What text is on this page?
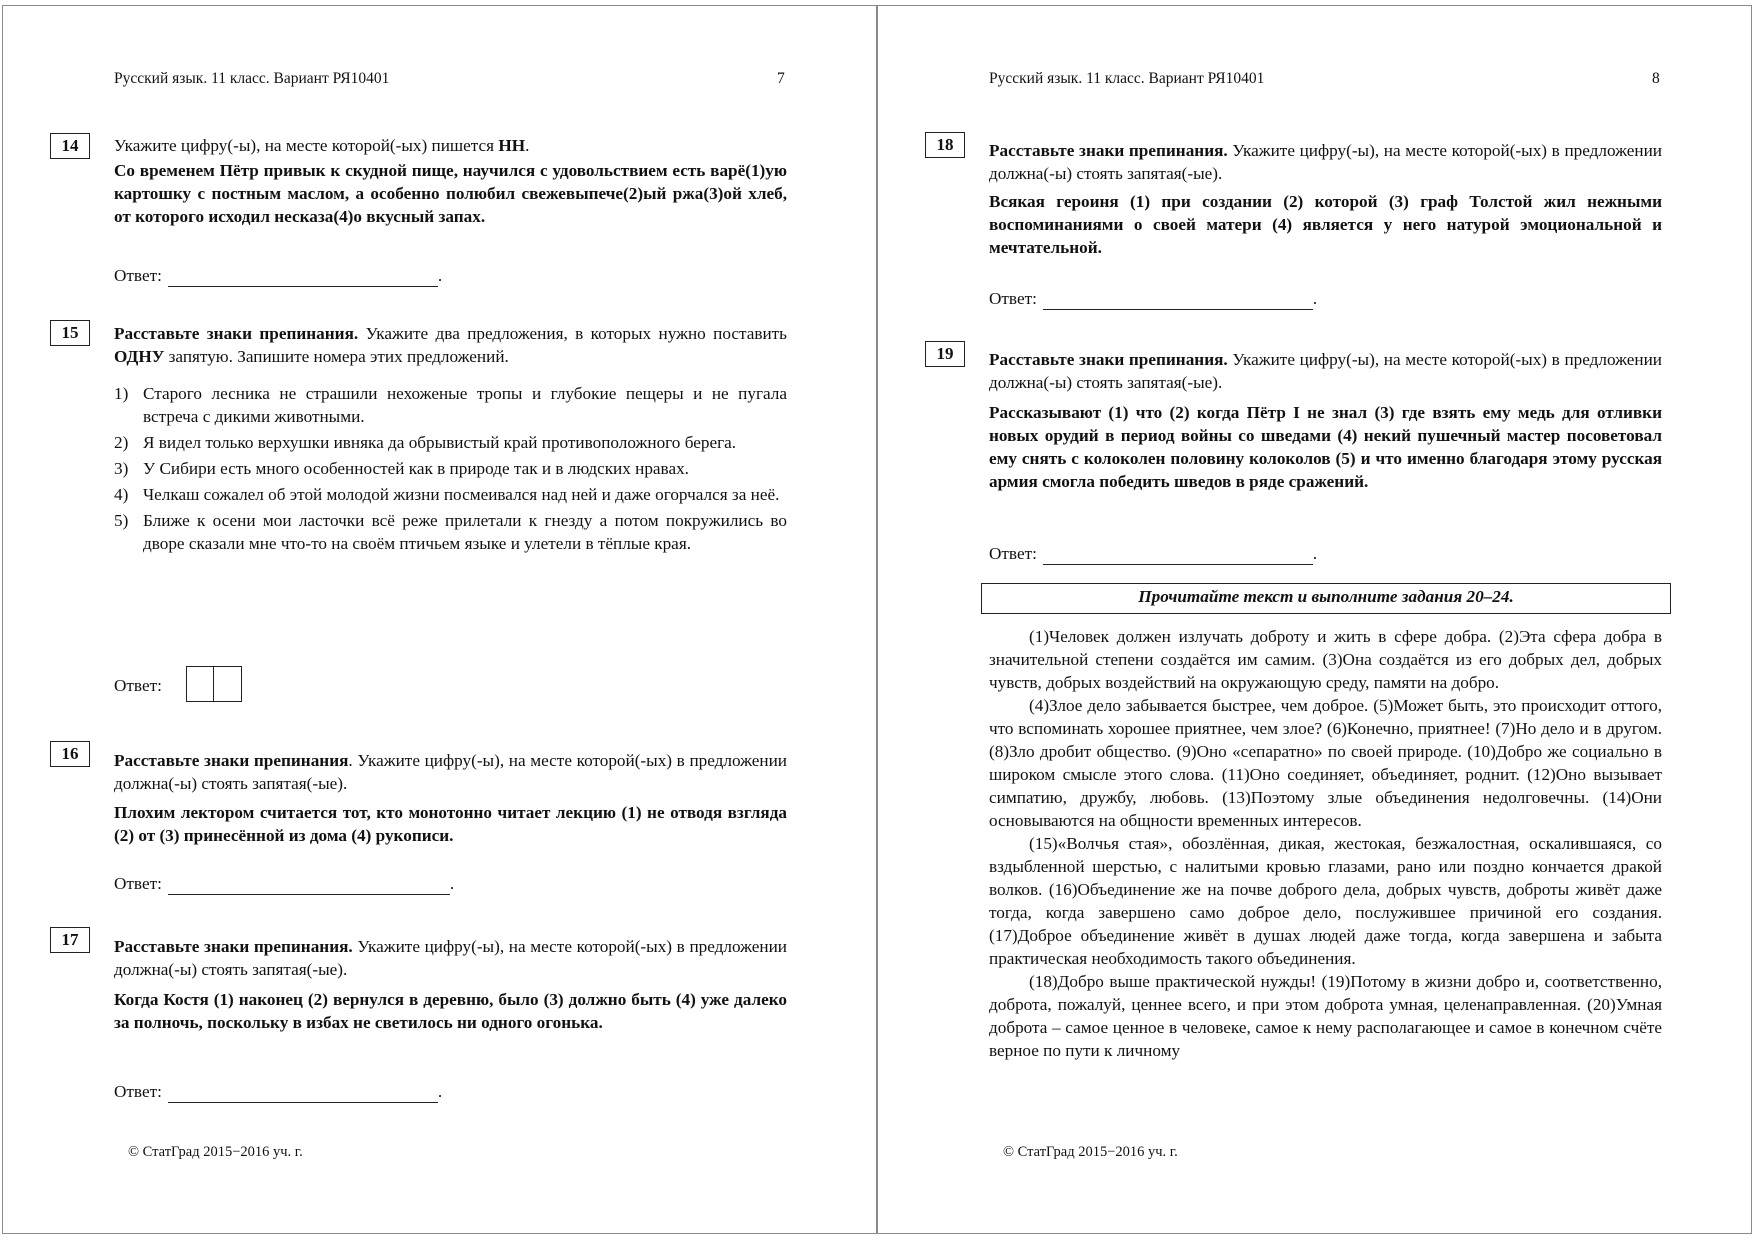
Русский язык. 11 класс. Вариант РЯ10401	7
14	Укажите цифру(-ы), на месте которой(-ых) пишется НН.
Со временем Пётр привык к скудной пище, научился с удовольствием есть варё(1)ую картошку с постным маслом, а особенно полюбил свежевыпече(2)ый ржа(3)ой хлеб, от которого исходил несказа(4)о вкусный запах.
Ответ:	.
15	Расставьте знаки препинания. Укажите два предложения, в которых нужно поставить ОДНУ запятую. Запишите номера этих предложений.
1) Старого лесника не страшили нехоженые тропы и глубокие пещеры и не пугала встреча с дикими животными.
2) Я видел только верхушки ивняка да обрывистый край противоположного берега.
3) У Сибири есть много особенностей как в природе так и в людских нравах.
4) Челкаш сожалел об этой молодой жизни посмеивался над ней и даже огорчался за неё.
5) Ближе к осени мои ласточки всё реже прилетали к гнезду а потом покружились во дворе сказали мне что-то на своём птичьем языке и улетели в тёплые края.
Ответ:
16	Расставьте знаки препинания. Укажите цифру(-ы), на месте которой(-ых) в предложении должна(-ы) стоять запятая(-ые).
Плохим лектором считается тот, кто монотонно читает лекцию (1) не отводя взгляда (2) от (3) принесённой из дома (4) рукописи.
Ответ:	.
17	Расставьте знаки препинания. Укажите цифру(-ы), на месте которой(-ых) в предложении должна(-ы) стоять запятая(-ые).
Когда Костя (1) наконец (2) вернулся в деревню, было (3) должно быть (4) уже далеко за полночь, поскольку в избах не светилось ни одного огонька.
Ответ:	.
© СтатГрад 2015−2016 уч. г.
Русский язык. 11 класс. Вариант РЯ10401	8
18	Расставьте знаки препинания. Укажите цифру(-ы), на месте которой(-ых) в предложении должна(-ы) стоять запятая(-ые).
Всякая героиня (1) при создании (2) которой (3) граф Толстой жил нежными воспоминаниями о своей матери (4) является у него натурой эмоциональной и мечтательной.
Ответ:	.
19	Расставьте знаки препинания. Укажите цифру(-ы), на месте которой(-ых) в предложении должна(-ы) стоять запятая(-ые).
Рассказывают (1) что (2) когда Пётр I не знал (3) где взять ему медь для отливки новых орудий в период войны со шведами (4) некий пушечный мастер посоветовал ему снять с колоколен половину колоколов (5) и что именно благодаря этому русская армия смогла победить шведов в ряде сражений.
Ответ:	.
Прочитайте текст и выполните задания 20–24.

(1)Человек должен излучать доброту и жить в сфере добра. (2)Эта сфера добра в значительной степени создаётся им самим. (3)Она создаётся из его добрых дел, добрых чувств, добрых воздействий на окружающую среду, памяти на добро.

(4)Злое дело забывается быстрее, чем доброе. (5)Может быть, это происходит оттого, что вспоминать хорошее приятнее, чем злое? (6)Конечно, приятнее! (7)Но дело и в другом. (8)Зло дробит общество. (9)Оно «сепаратно» по своей природе. (10)Добро же социально в широком смысле этого слова. (11)Оно соединяет, объединяет, роднит. (12)Оно вызывает симпатию, дружбу, любовь. (13)Поэтому злые объединения недолговечны. (14)Они основываются на общности временных интересов.

(15)«Волчья стая», обозлённая, дикая, жестокая, безжалостная, оскалившаяся, со вздыбленной шерстью, с налитыми кровью глазами, рано или поздно кончается дракой волков. (16)Объединение же на почве доброго дела, добрых чувств, доброты живёт даже тогда, когда завершено само доброе дело, послужившее причиной его создания. (17)Доброе объединение живёт в душах людей даже тогда, когда завершена и забыта практическая необходимость такого объединения.

(18)Добро выше практической нужды! (19)Потому в жизни добро и, соответственно, доброта, пожалуй, ценнее всего, и при этом доброта умная, целенаправленная. (20)Умная доброта – самое ценное в человеке, самое к нему располагающее и самое в конечном счёте верное по пути к личному

© СтатГрад 2015−2016 уч. г.
